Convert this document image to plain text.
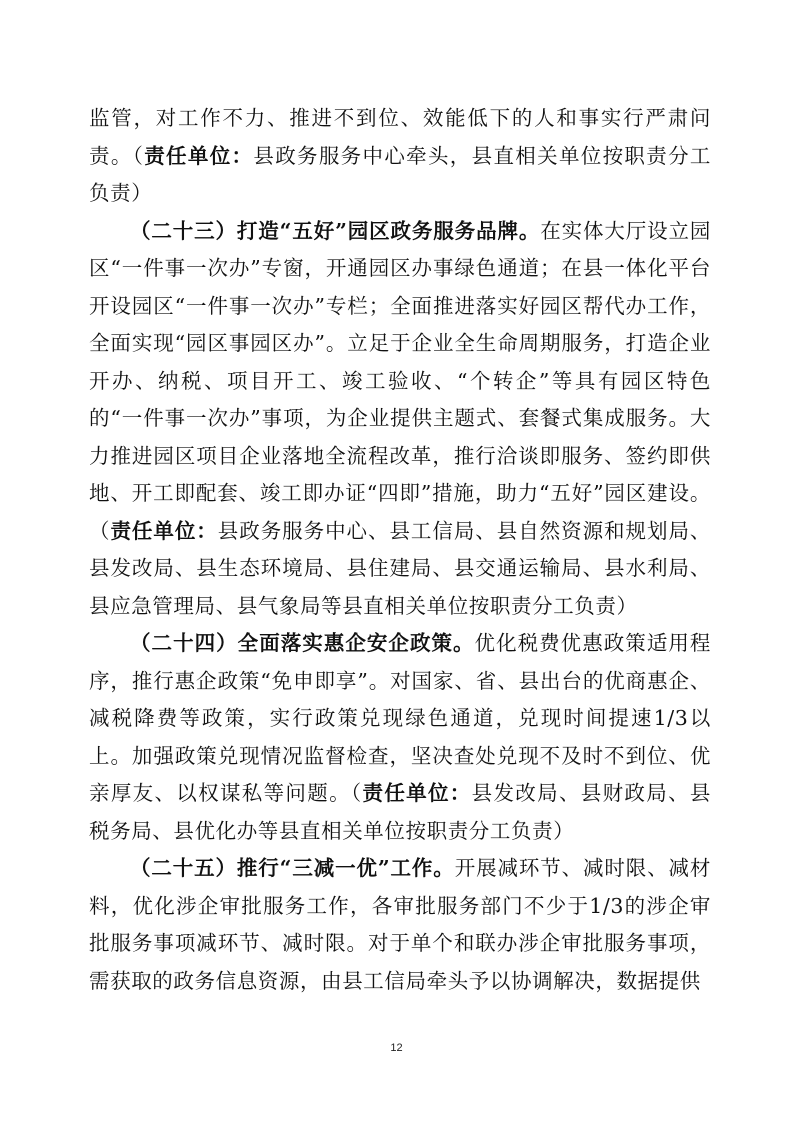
监管，对工作不力、推进不到位、效能低下的人和事实行严肃问责。（责任单位：县政务服务中心牵头，县直相关单位按职责分工负责）

（二十三）打造“五好”园区政务服务品牌。在实体大厅设立园区“一件事一次办”专窗，开通园区办事绿色通道；在县一体化平台开设园区“一件事一次办”专栏；全面推进落实好园区帮代办工作，全面实现“园区事园区办”。立足于企业全生命周期服务，打造企业开办、纳税、项目开工、竣工验收、“个转企”等具有园区特色的“一件事一次办”事项，为企业提供主题式、套餐式集成服务。大力推进园区项目企业落地全流程改革，推行洽谈即服务、签约即供地、开工即配套、竣工即办证“四即”措施，助力“五好”园区建设。（责任单位：县政务服务中心、县工信局、县自然资源和规划局、县发改局、县生态环境局、县住建局、县交通运输局、县水利局、县应急管理局、县气象局等县直相关单位按职责分工负责）

（二十四）全面落实惠企安企政策。优化税费优惠政策适用程序，推行惠企政策“免申即享”。对国家、省、县出台的优商惠企、减税降费等政策，实行政策兑现绿色通道，兑现时间提速1/3以上。加强政策兑现情况监督检查，坚决查处兑现不及时不到位、优亲厚友、以权谋私等问题。（责任单位：县发改局、县财政局、县税务局、县优化办等县直相关单位按职责分工负责）

（二十五）推行“三减一优”工作。开展减环节、减时限、减材料，优化涉企审批服务工作，各审批服务部门不少于1/3的涉企审批服务事项减环节、减时限。对于单个和联办涉企审批服务事项，需获取的政务信息资源，由县工信局牵头予以协调解决，数据提供

12
